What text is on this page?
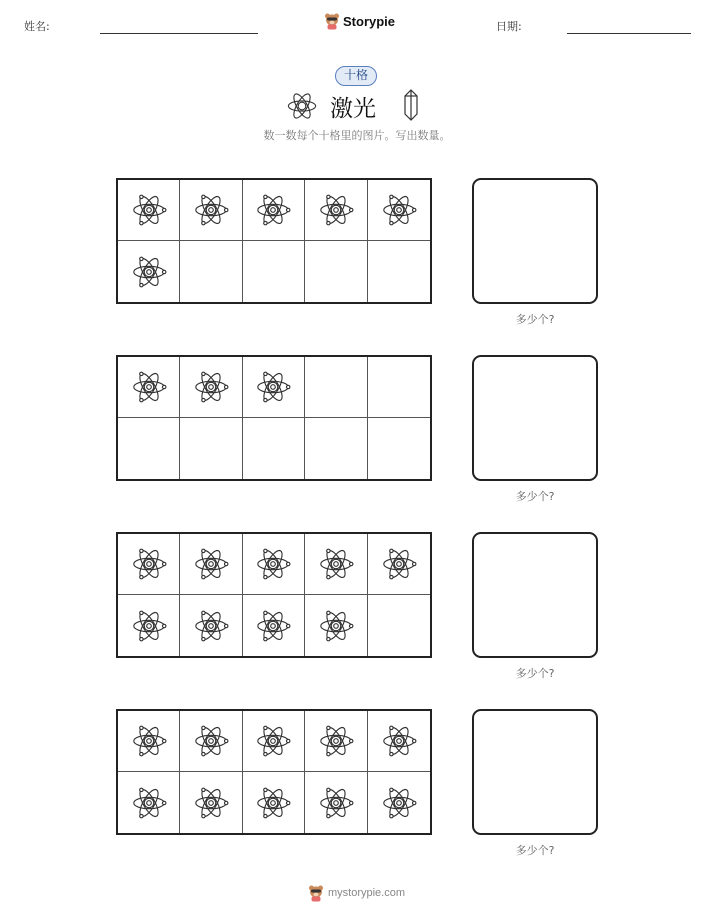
姓名:	Storypie	日期:
十格
激光
数一数每个十格里的图片。写出数量。
多少个?
多少个?
多少个?
多少个?
mystorypie.com
